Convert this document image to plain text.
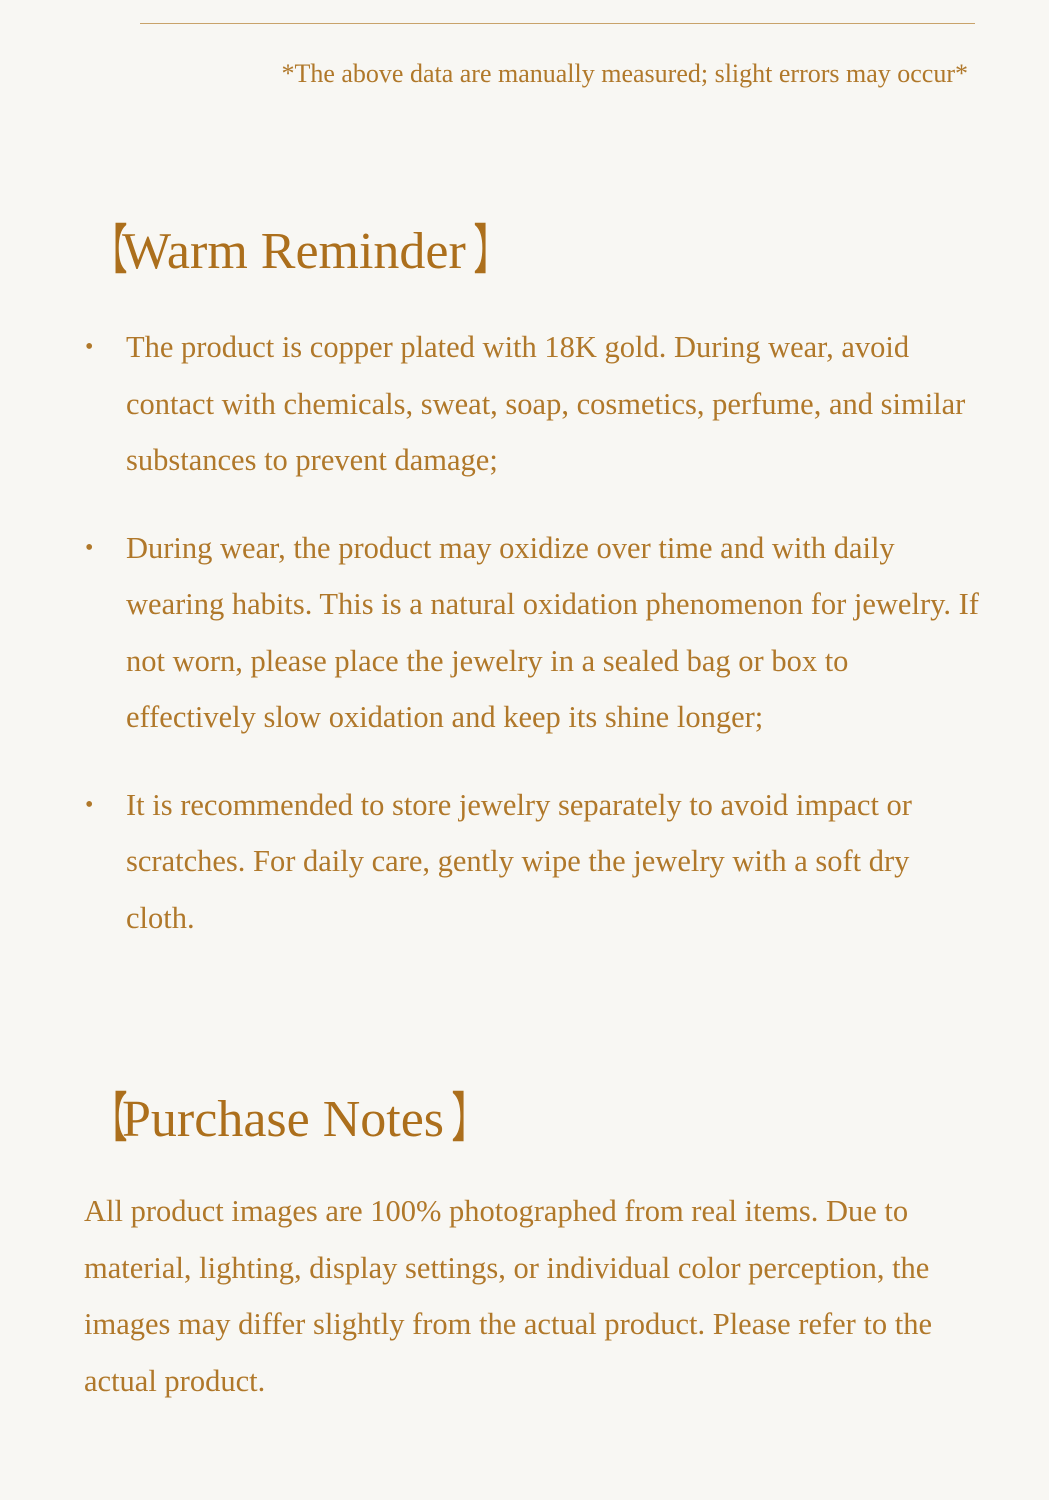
*The above data are manually measured; slight errors may occur*
【Warm Reminder 】
• The product is copper plated with 18K gold. During wear, avoid contact with chemicals, sweat, soap, cosmetics, perfume, and similar substances to prevent damage;
• During wear, the product may oxidize over time and with daily wearing habits. This is a natural oxidation phenomenon for jewelry. If not worn, please place the jewelry in a sealed bag or box to effectively slow oxidation and keep its shine longer;
• It is recommended to store jewelry separately to avoid impact or scratches. For daily care, gently wipe the jewelry with a soft dry cloth.
【Purchase Notes 】
All product images are 100% photographed from real items. Due to material, lighting, display settings, or individual color perception, the images may differ slightly from the actual product. Please refer to the actual product.
